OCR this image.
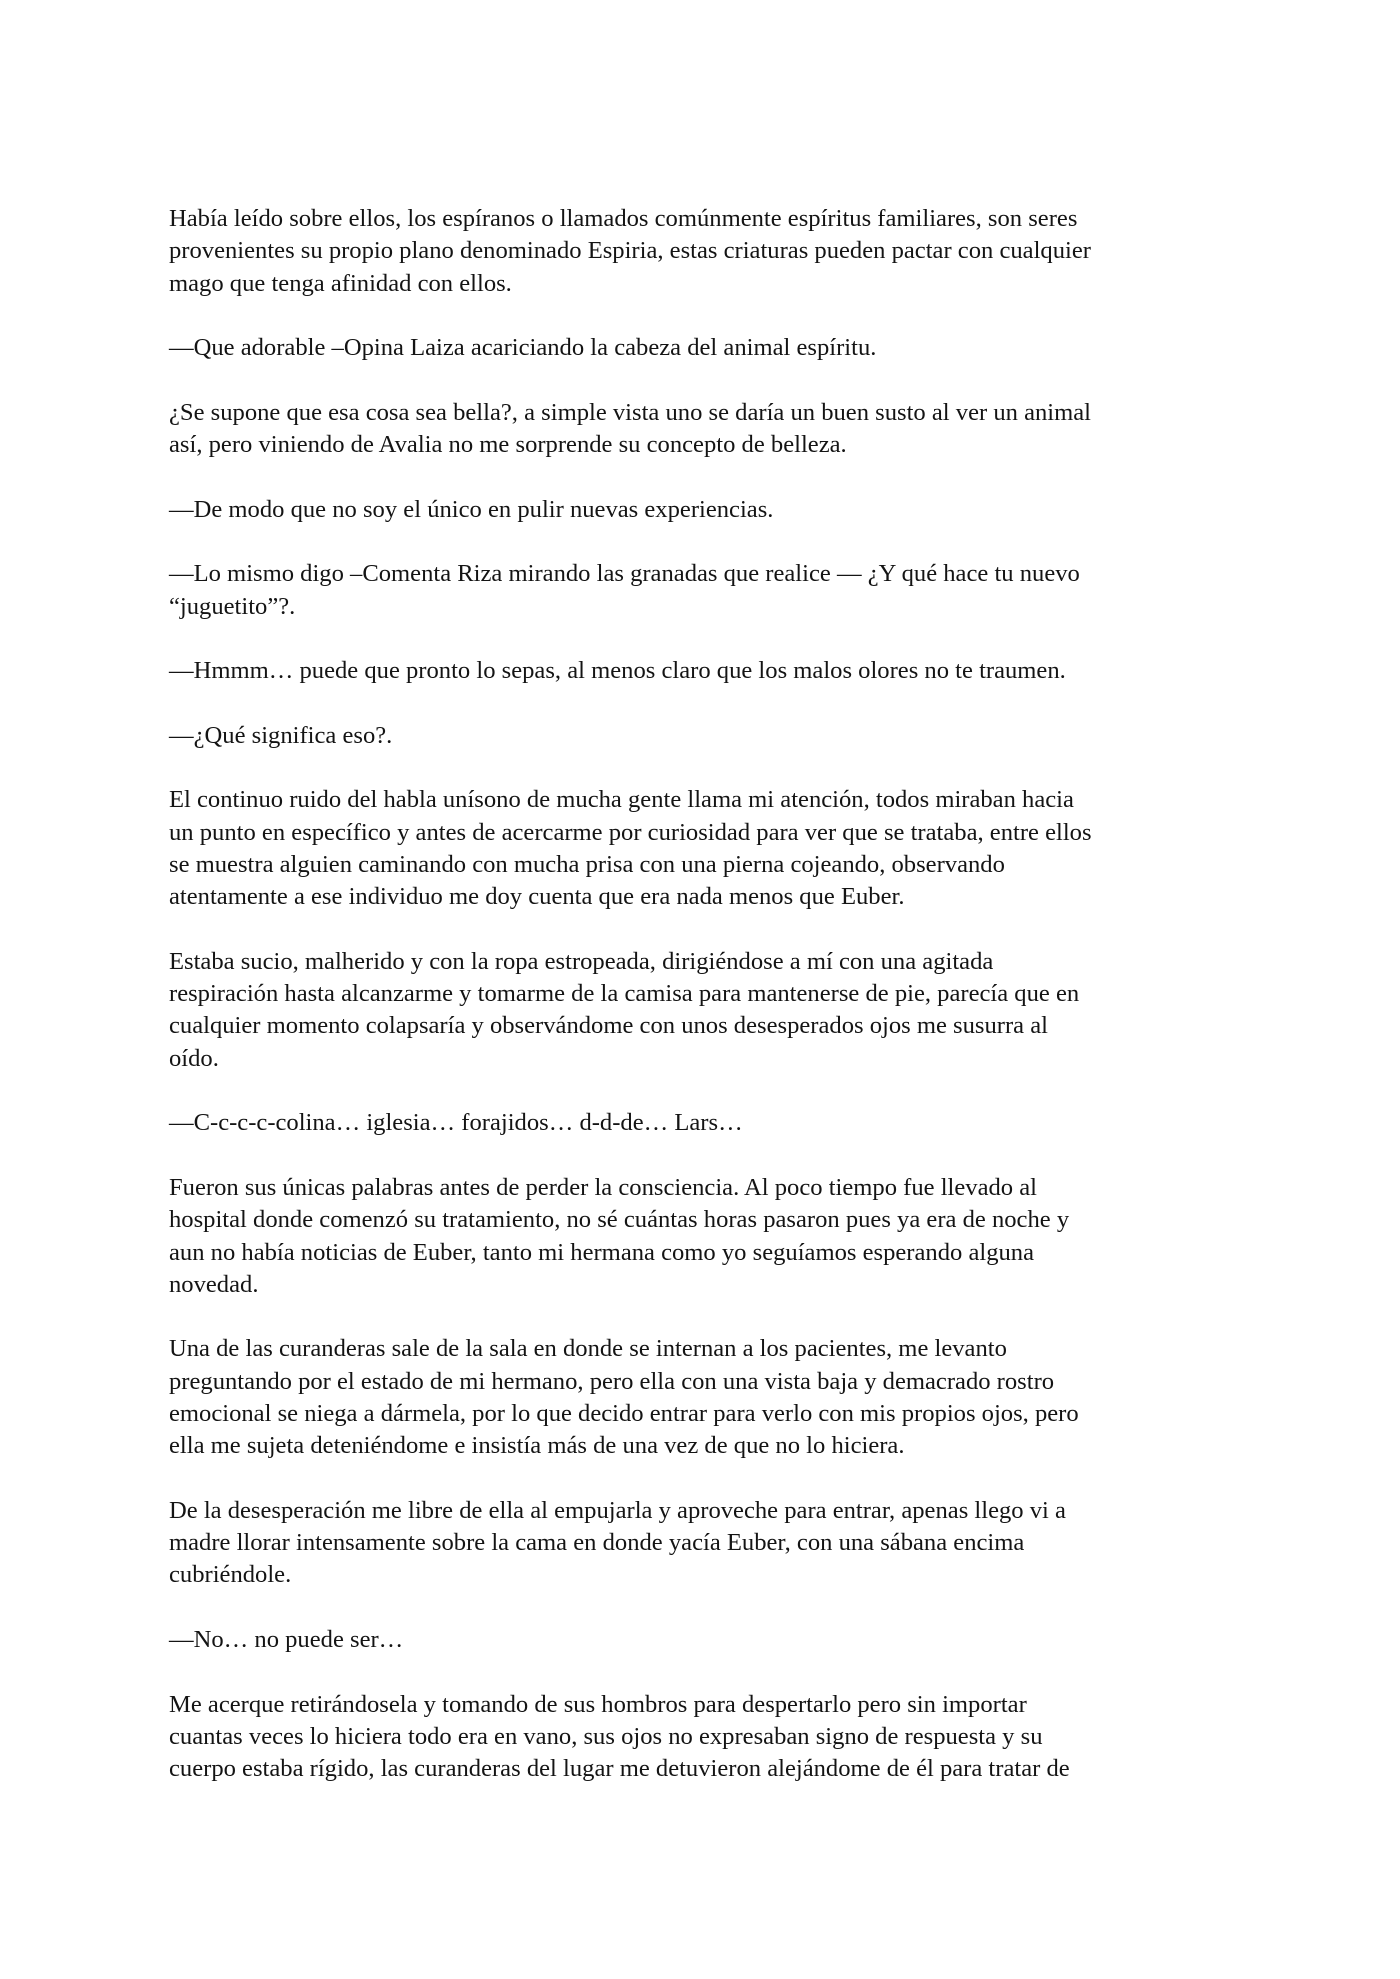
Había leído sobre ellos, los espíranos o llamados comúnmente espíritus familiares, son seres
provenientes su propio plano denominado Espiria, estas criaturas pueden pactar con cualquier
mago que tenga afinidad con ellos.

—Que adorable –Opina Laiza acariciando la cabeza del animal espíritu.

¿Se supone que esa cosa sea bella?, a simple vista uno se daría un buen susto al ver un animal
así, pero viniendo de Avalia no me sorprende su concepto de belleza.

—De modo que no soy el único en pulir nuevas experiencias.

—Lo mismo digo –Comenta Riza mirando las granadas que realice — ¿Y qué hace tu nuevo
“juguetito”?.

—Hmmm… puede que pronto lo sepas, al menos claro que los malos olores no te traumen.

—¿Qué significa eso?.

El continuo ruido del habla unísono de mucha gente llama mi atención, todos miraban hacia
un punto en específico y antes de acercarme por curiosidad para ver que se trataba, entre ellos
se muestra alguien caminando con mucha prisa con una pierna cojeando, observando
atentamente a ese individuo me doy cuenta que era nada menos que Euber.

Estaba sucio, malherido y con la ropa estropeada, dirigiéndose a mí con una agitada
respiración hasta alcanzarme y tomarme de la camisa para mantenerse de pie, parecía que en
cualquier momento colapsaría y observándome con unos desesperados ojos me susurra al
oído.

—C-c-c-c-colina… iglesia… forajidos… d-d-de… Lars…

Fueron sus únicas palabras antes de perder la consciencia. Al poco tiempo fue llevado al
hospital donde comenzó su tratamiento, no sé cuántas horas pasaron pues ya era de noche y
aun no había noticias de Euber, tanto mi hermana como yo seguíamos esperando alguna
novedad.

Una de las curanderas sale de la sala en donde se internan a los pacientes, me levanto
preguntando por el estado de mi hermano, pero ella con una vista baja y demacrado rostro
emocional se niega a dármela, por lo que decido entrar para verlo con mis propios ojos, pero
ella me sujeta deteniéndome e insistía más de una vez de que no lo hiciera.

De la desesperación me libre de ella al empujarla y aproveche para entrar, apenas llego vi a
madre llorar intensamente sobre la cama en donde yacía Euber, con una sábana encima
cubriéndole.

—No… no puede ser…

Me acerque retirándosela y tomando de sus hombros para despertarlo pero sin importar
cuantas veces lo hiciera todo era en vano, sus ojos no expresaban signo de respuesta y su
cuerpo estaba rígido, las curanderas del lugar me detuvieron alejándome de él para tratar de
